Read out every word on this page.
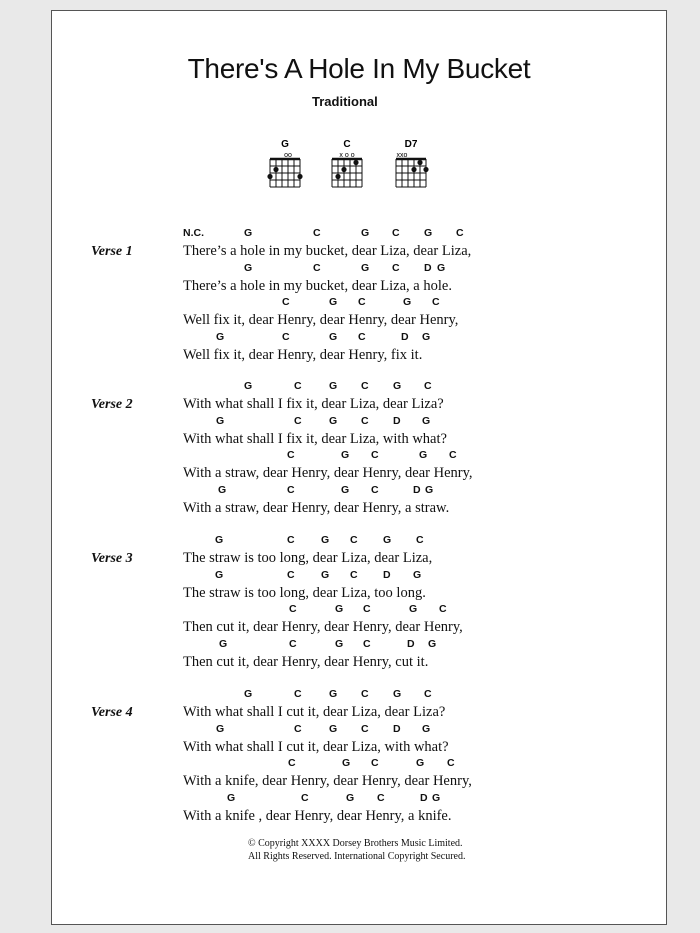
There's A Hole In My Bucket
Traditional
G
oo
C
x o o
D7
xxo
Verse 1	There’s a hole in my bucket, dear Liza, dear Liza,
N.C.	G	C	G C G C
There’s a hole in my bucket, dear Liza, a hole.
G	C	G C D G
Well fix it, dear Henry, dear Henry, dear Henry,
C	G C	G C
Well fix it, dear Henry, dear Henry, fix it.
G	C	G C	D G
Verse 2	With what shall I fix it, dear Liza, dear Liza?
G	C	G C G C
With what shall I fix it, dear Liza, with what?
G	C	G C D G
With a straw, dear Henry, dear Henry, dear Henry,
C	G C	G C
With a straw, dear Henry, dear Henry, a straw.
G	C	G C	D G
Verse 3	The straw is too long, dear Liza, dear Liza,
G	C	G C G C
The straw is too long, dear Liza, too long.
G	C	G C D G
Then cut it, dear Henry, dear Henry, dear Henry,
C	G C	G C
Then cut it, dear Henry, dear Henry, cut it.
G	C	G C	D G
Verse 4	With what shall I cut it, dear Liza, dear Liza?
G	C	G C G C
With what shall I cut it, dear Liza, with what?
G	C	G C D G
With a knife, dear Henry, dear Henry, dear Henry,
C	G C	G C
With a knife , dear Henry, dear Henry, a knife.
G	C	G C	D G
© Copyright XXXX Dorsey Brothers Music Limited.
All Rights Reserved. International Copyright Secured.
